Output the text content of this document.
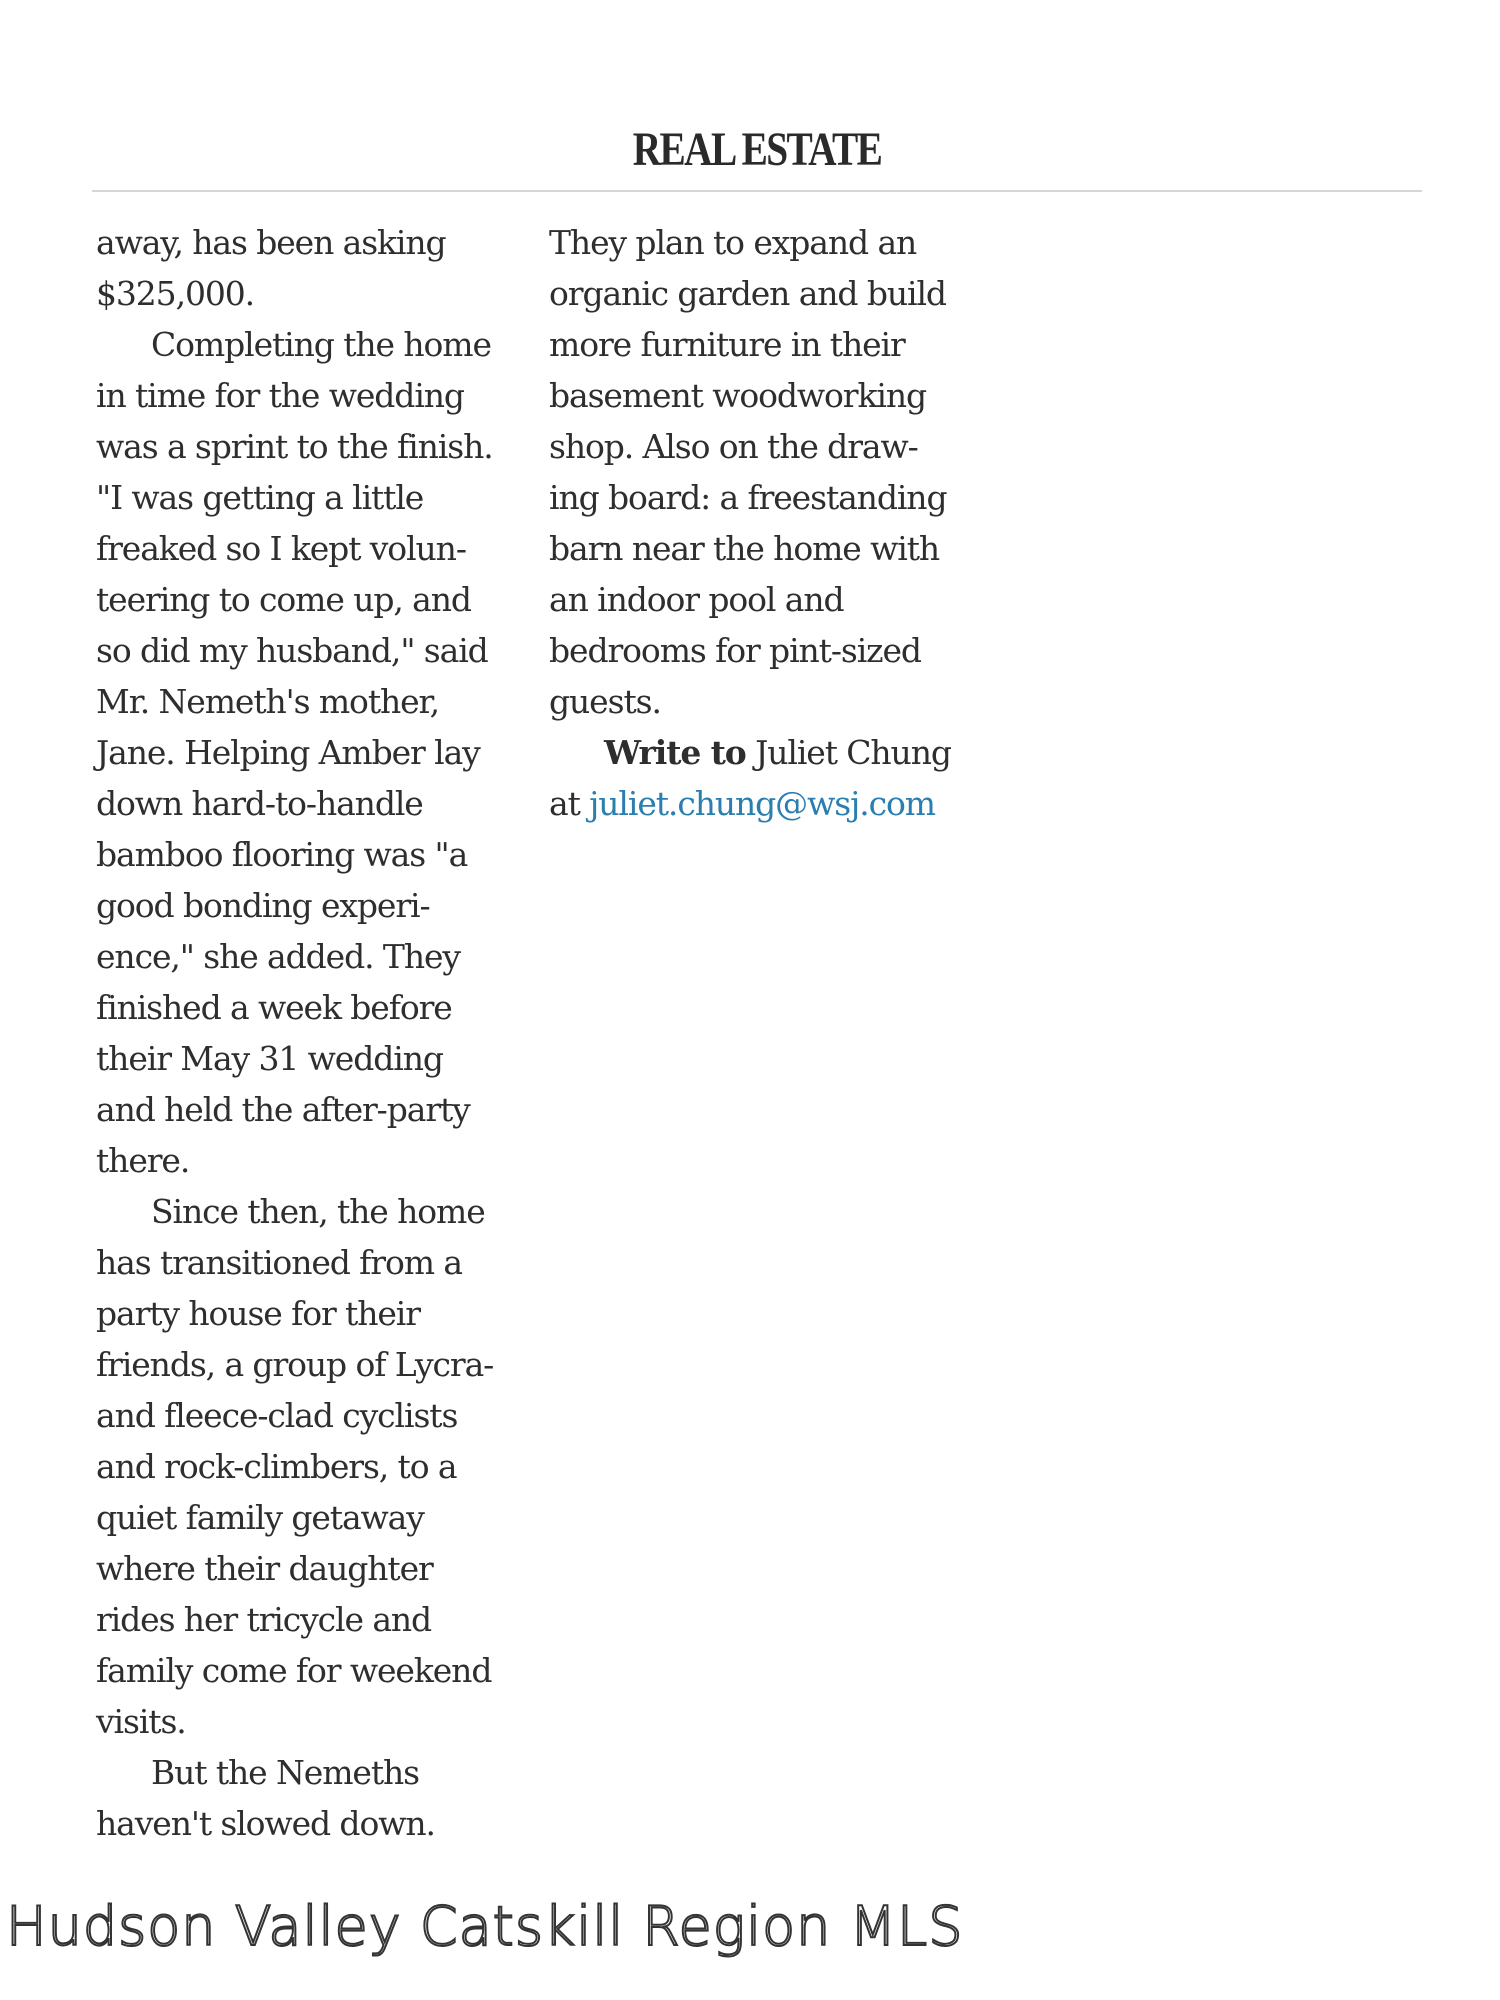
REAL ESTATE
away, has been asking
$325,000.
Completing the home
in time for the wedding
was a sprint to the finish.
"I was getting a little
freaked so I kept volun-
teering to come up, and
so did my husband," said
Mr. Nemeth's mother,
Jane. Helping Amber lay
down hard-to-handle
bamboo flooring was "a
good bonding experi-
ence," she added. They
finished a week before
their May 31 wedding
and held the after-party
there.
Since then, the home
has transitioned from a
party house for their
friends, a group of Lycra-
and fleece-clad cyclists
and rock-climbers, to a
quiet family getaway
where their daughter
rides her tricycle and
family come for weekend
visits.
But the Nemeths
haven't slowed down.
They plan to expand an
organic garden and build
more furniture in their
basement woodworking
shop. Also on the draw-
ing board: a freestanding
barn near the home with
an indoor pool and
bedrooms for pint-sized
guests.
Write to Juliet Chung
at juliet.chung@wsj.com
Hudson Valley Catskill Region MLS
